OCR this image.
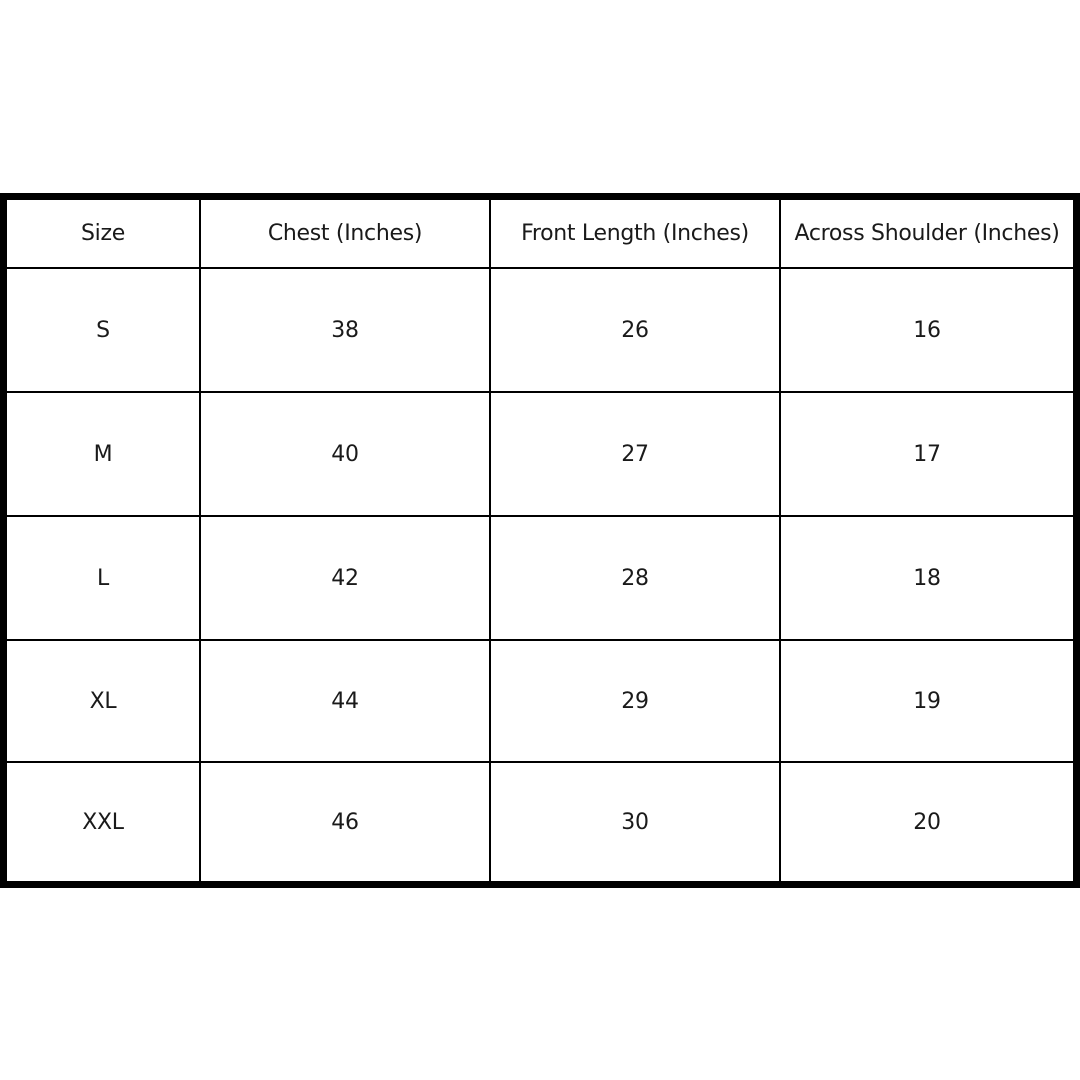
Size	Chest (Inches)	Front Length (Inches)	Across Shoulder (Inches)
S	38	26	16
M	40	27	17
L	42	28	18
XL	44	29	19
XXL	46	30	20
